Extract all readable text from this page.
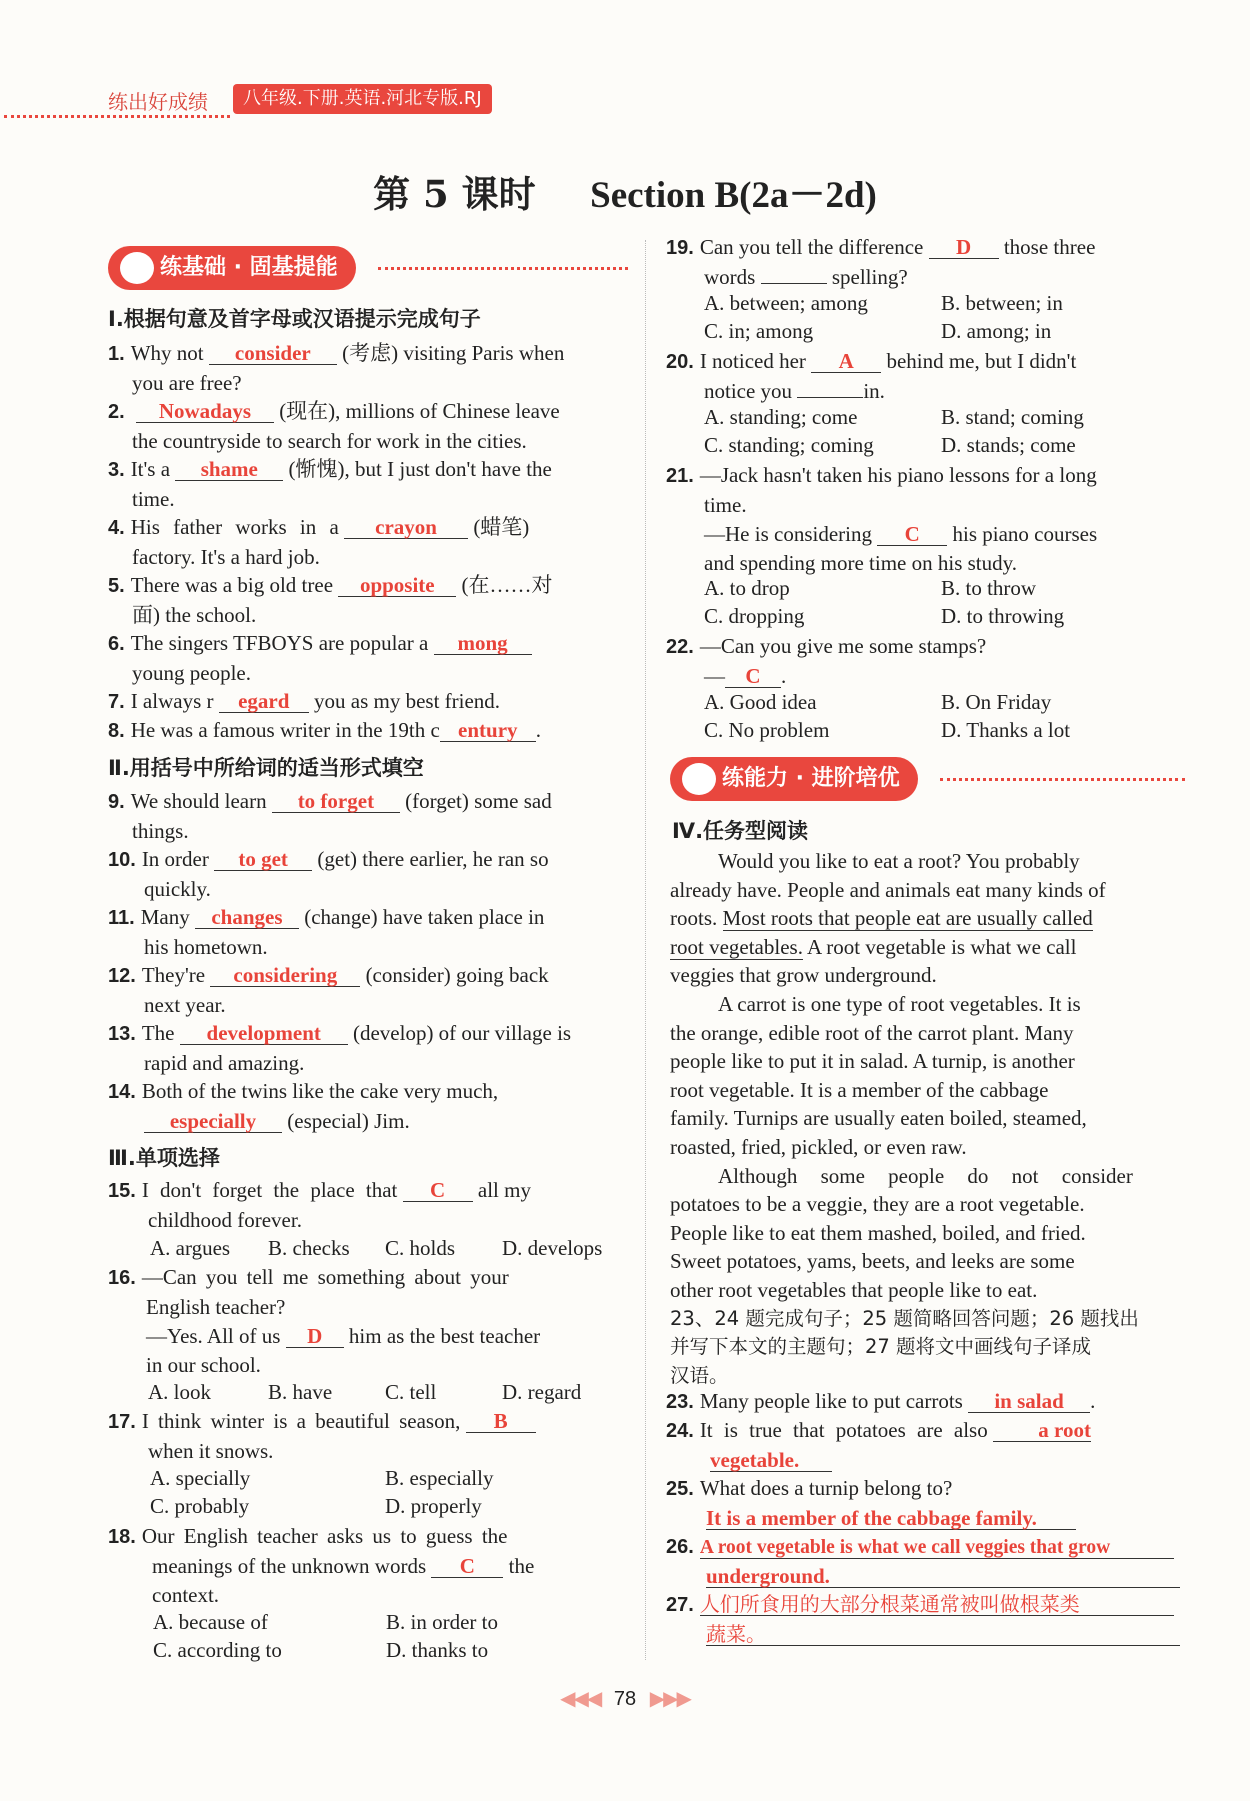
练出好成绩	八年级.下册.英语.河北专版.RJ
第 5 课时 Section B(2a－2d)
练基础 · 固基提能
Ⅰ.根据句意及首字母或汉语提示完成句子
1. Why not consider (考虑) visiting Paris when
you are free?
2. Nowadays (现在), millions of Chinese leave
the countryside to search for work in the cities.
3. It's a shame (惭愧), but I just don't have the
time.
4. His father works in a crayon (蜡笔)
factory. It's a hard job.
5. There was a big old tree opposite (在……对
面) the school.
6. The singers TFBOYS are popular a mong
young people.
7. I always r egard you as my best friend.
8. He was a famous writer in the 19th c entury .
Ⅱ.用括号中所给词的适当形式填空
9. We should learn to forget (forget) some sad
things.
10. In order to get (get) there earlier, he ran so
quickly.
11. Many changes (change) have taken place in
his hometown.
12. They're considering (consider) going back
next year.
13. The development (develop) of our village is
rapid and amazing.
14. Both of the twins like the cake very much,
especially (especial) Jim.
Ⅲ.单项选择
15. I don't forget the place that C all my
childhood forever.
A. argues B. checks C. holds D. develops
16. —Can you tell me something about your
English teacher?
—Yes. All of us D him as the best teacher
in our school.
A. look	B. have	C. tell	D. regard
17. I think winter is a beautiful season, B
when it snows.
A. specially	B. especially
C. probably	D. properly
18. Our English teacher asks us to guess the
meanings of the unknown words C the
context.
A. because of	B. in order to
C. according to	D. thanks to
19. Can you tell the difference D those three
words	spelling?
A. between; among	B. between; in
C. in; among	D. among; in
20. I noticed her A behind me, but I didn't
notice you	in.
A. standing; come	B. stand; coming
C. standing; coming	D. stands; come
21. —Jack hasn't taken his piano lessons for a long
time.
—He is considering C his piano courses
and spending more time on his study.
A. to drop	B. to throw
C. dropping	D. to throwing
22. —Can you give me some stamps?
— C .
A. Good idea	B. On Friday
C. No problem	D. Thanks a lot
练能力 · 进阶培优
Ⅳ.任务型阅读
Would you like to eat a root? You probably
already have. People and animals eat many kinds of
roots. Most roots that people eat are usually called
root vegetables. A root vegetable is what we call
veggies that grow underground.
A carrot is one type of root vegetables. It is
the orange, edible root of the carrot plant. Many
people like to put it in salad. A turnip, is another
root vegetable. It is a member of the cabbage
family. Turnips are usually eaten boiled, steamed,
roasted, fried, pickled, or even raw.
Although some people do not consider
potatoes to be a veggie, they are a root vegetable.
People like to eat them mashed, boiled, and fried.
Sweet potatoes, yams, beets, and leeks are some
other root vegetables that people like to eat.
23、24 题完成句子；25 题简略回答问题；26 题找出
并写下本文的主题句；27 题将文中画线句子译成
汉语。
23. Many people like to put carrots in salad .
24. It is true that potatoes are also a root
vegetable.
25. What does a turnip belong to?
It is a member of the cabbage family.
26. A root vegetable is what we call veggies that grow
underground.
27. 人们所食用的大部分根菜通常被叫做根菜类
蔬菜。
◀◀◀ 78 ▶▶▶
